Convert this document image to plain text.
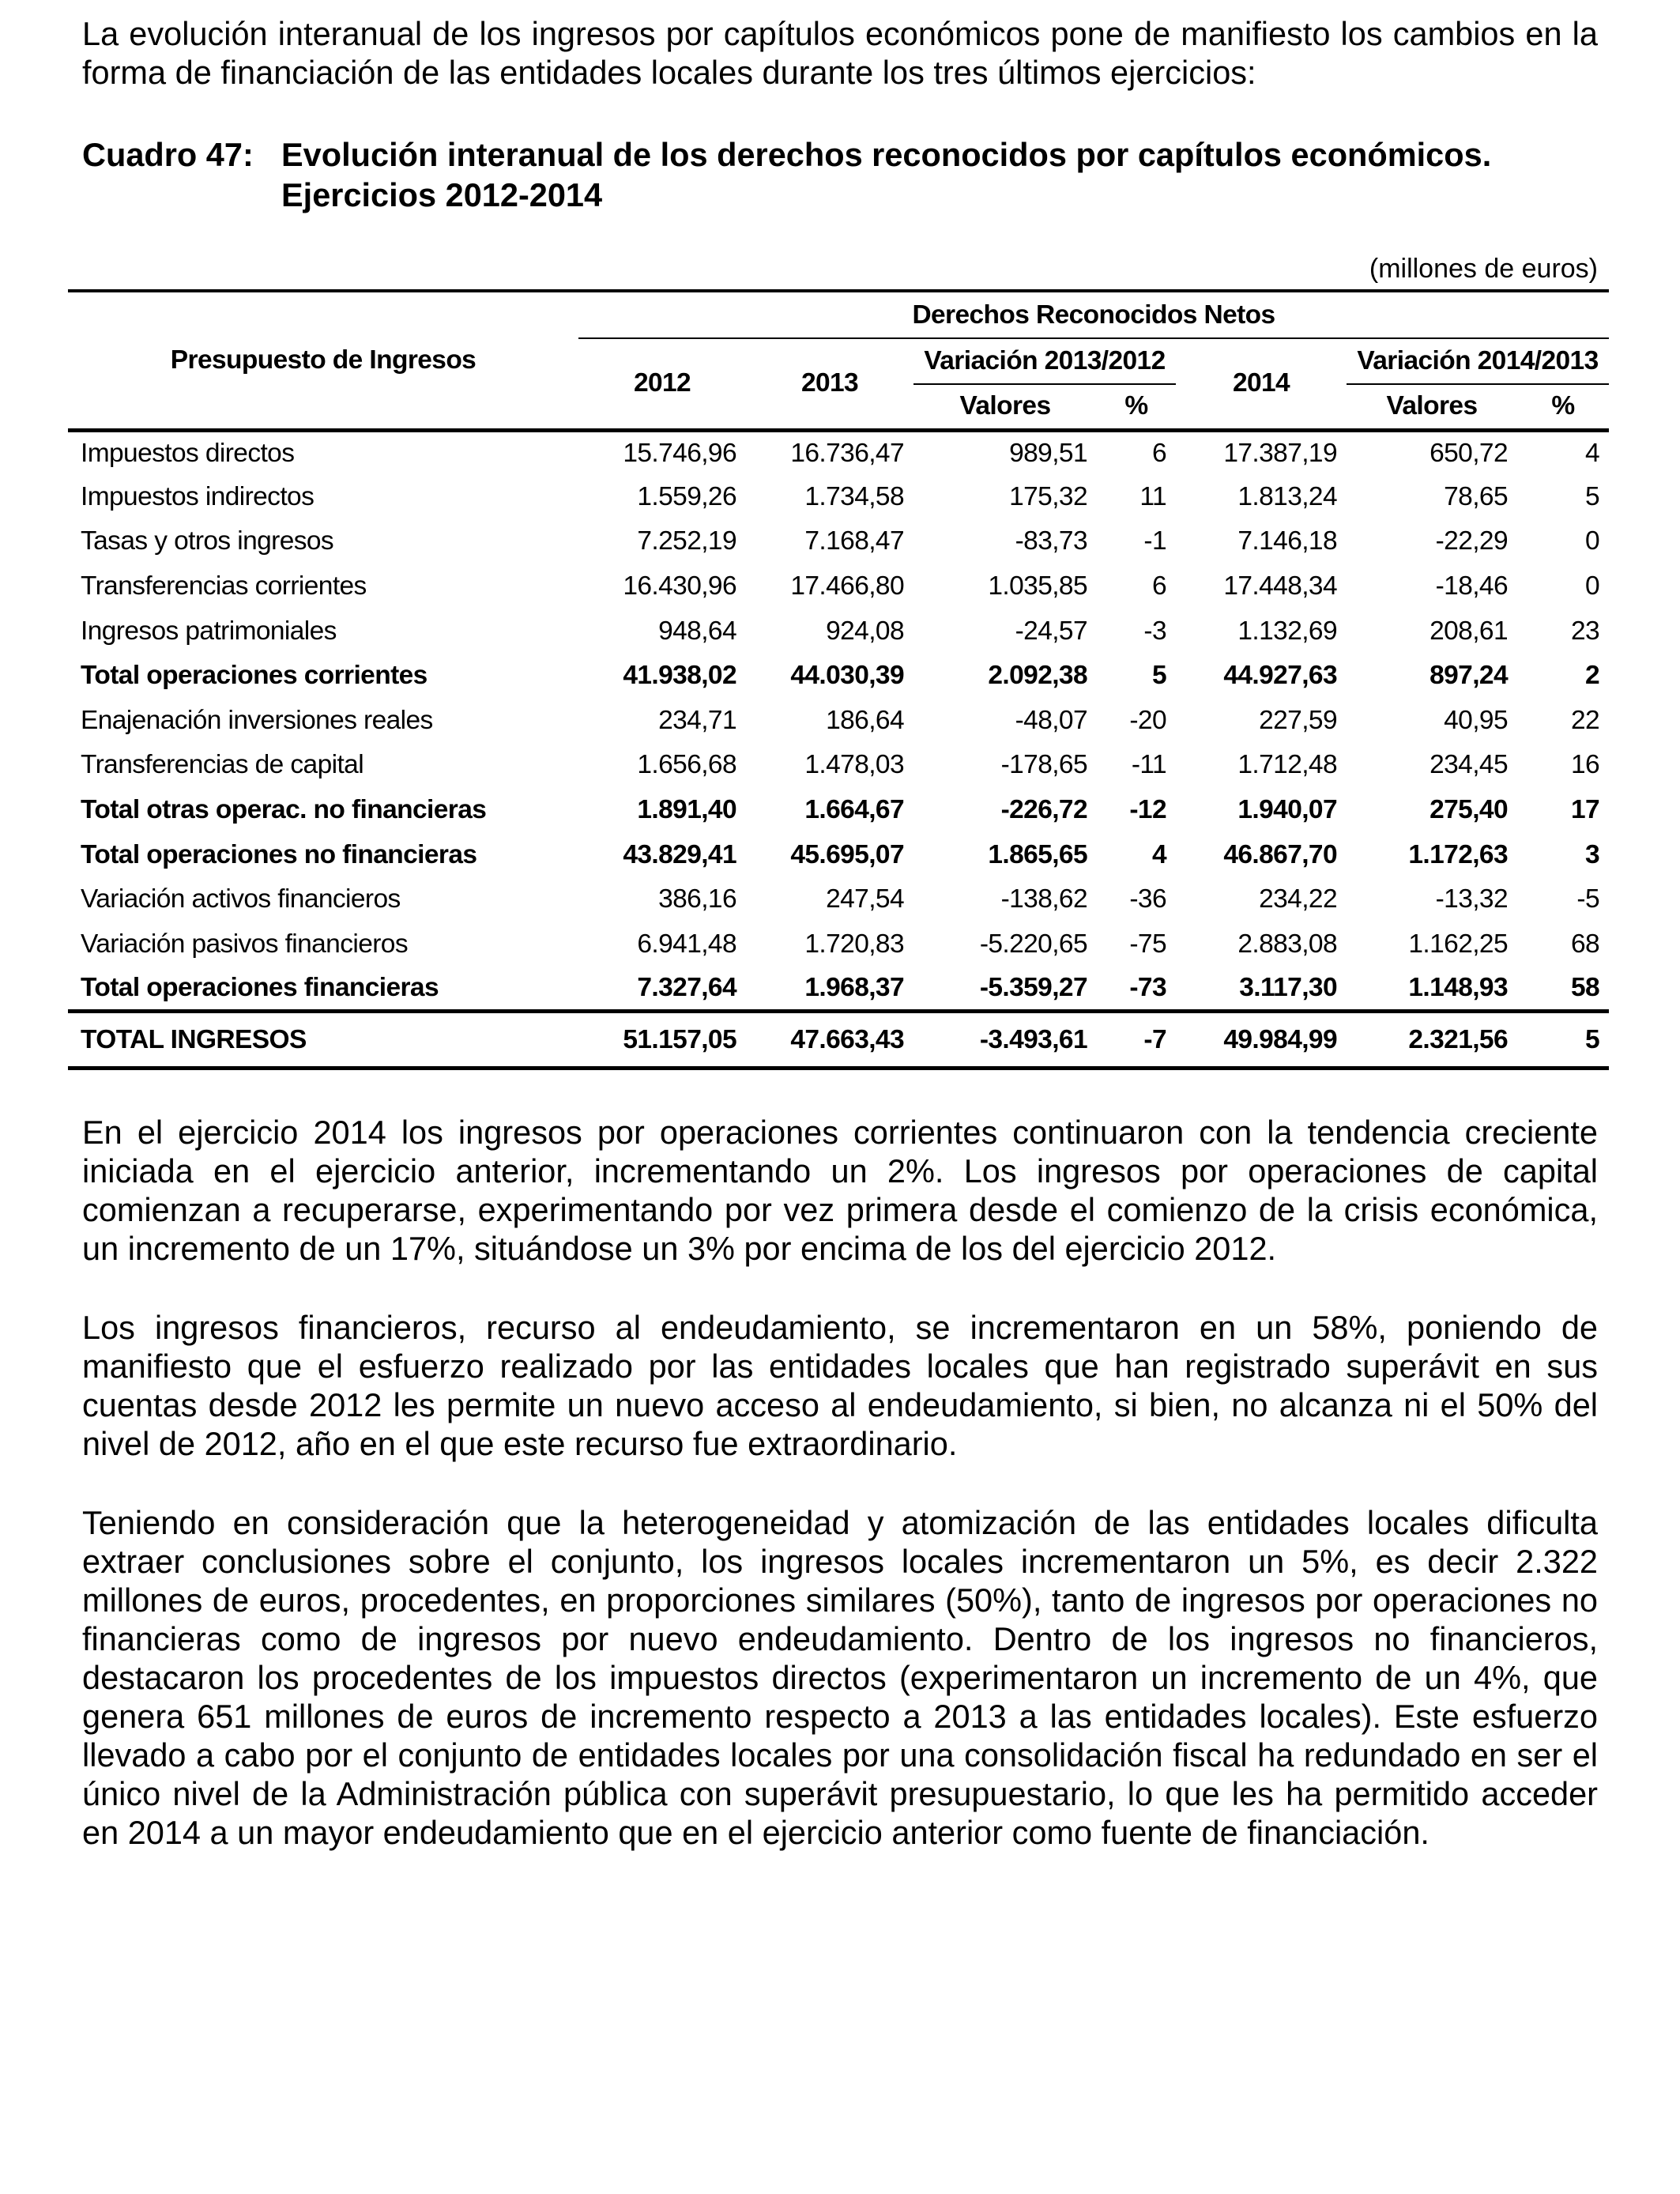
La evolución interanual de los ingresos por capítulos económicos pone de manifiesto los cambios en la forma de financiación de las entidades locales durante los tres últimos ejercicios:

Cuadro 47: Evolución interanual de los derechos reconocidos por capítulos económicos. Ejercicios 2012-2014
(millones de euros)
Presupuesto de Ingresos	Derechos Reconocidos Netos						
	2012	2013	Variación 2013/2012		2014	Variación 2014/2013	
			Valores	%		Valores	%
Impuestos directos	15.746,96	16.736,47	989,51	6	17.387,19	650,72	4
Impuestos indirectos	1.559,26	1.734,58	175,32	11	1.813,24	78,65	5
Tasas y otros ingresos	7.252,19	7.168,47	-83,73	-1	7.146,18	-22,29	0
Transferencias corrientes	16.430,96	17.466,80	1.035,85	6	17.448,34	-18,46	0
Ingresos patrimoniales	948,64	924,08	-24,57	-3	1.132,69	208,61	23
Total operaciones corrientes	41.938,02	44.030,39	2.092,38	5	44.927,63	897,24	2
Enajenación inversiones reales	234,71	186,64	-48,07	-20	227,59	40,95	22
Transferencias de capital	1.656,68	1.478,03	-178,65	-11	1.712,48	234,45	16
Total otras operac. no financieras	1.891,40	1.664,67	-226,72	-12	1.940,07	275,40	17
Total operaciones no financieras	43.829,41	45.695,07	1.865,65	4	46.867,70	1.172,63	3
Variación activos financieros	386,16	247,54	-138,62	-36	234,22	-13,32	-5
Variación pasivos financieros	6.941,48	1.720,83	-5.220,65	-75	2.883,08	1.162,25	68
Total operaciones financieras	7.327,64	1.968,37	-5.359,27	-73	3.117,30	1.148,93	58
TOTAL INGRESOS	51.157,05	47.663,43	-3.493,61	-7	49.984,99	2.321,56	5

En el ejercicio 2014 los ingresos por operaciones corrientes continuaron con la tendencia creciente iniciada en el ejercicio anterior, incrementando un 2%. Los ingresos por operaciones de capital comienzan a recuperarse, experimentando por vez primera desde el comienzo de la crisis económica, un incremento de un 17%, situándose un 3% por encima de los del ejercicio 2012.

Los ingresos financieros, recurso al endeudamiento, se incrementaron en un 58%, poniendo de manifiesto que el esfuerzo realizado por las entidades locales que han registrado superávit en sus cuentas desde 2012 les permite un nuevo acceso al endeudamiento, si bien, no alcanza ni el 50% del nivel de 2012, año en el que este recurso fue extraordinario.

Teniendo en consideración que la heterogeneidad y atomización de las entidades locales dificulta extraer conclusiones sobre el conjunto, los ingresos locales incrementaron un 5%, es decir 2.322 millones de euros, procedentes, en proporciones similares (50%), tanto de ingresos por operaciones no financieras como de ingresos por nuevo endeudamiento. Dentro de los ingresos no financieros, destacaron los procedentes de los impuestos directos (experimentaron un incremento de un 4%, que genera 651 millones de euros de incremento respecto a 2013 a las entidades locales). Este esfuerzo llevado a cabo por el conjunto de entidades locales por una consolidación fiscal ha redundado en ser el único nivel de la Administración pública con superávit presupuestario, lo que les ha permitido acceder en 2014 a un mayor endeudamiento que en el ejercicio anterior como fuente de financiación.
